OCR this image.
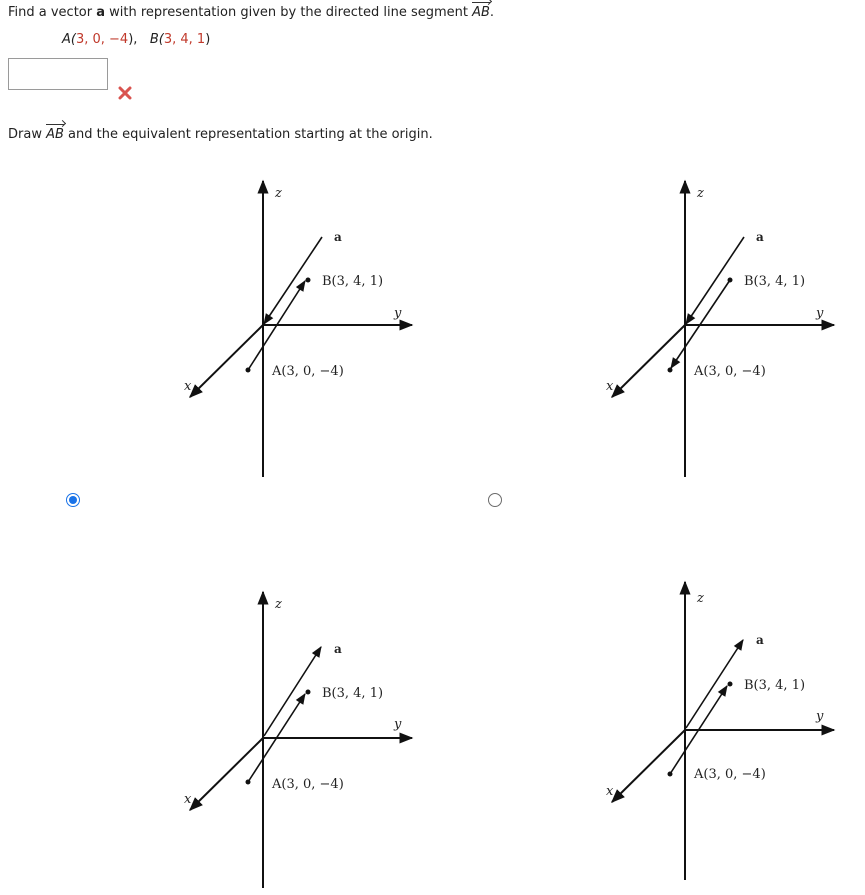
Find a vector a with representation given by the directed line segment AB.
A(3, 0, −4), B(3, 4, 1)
Draw AB and the equivalent representation starting at the origin.
z
y
x
a
B(3, 4, 1)
A(3, 0, −4)
z
y
x
a
B(3, 4, 1)
A(3, 0, −4)
z
y
x
a
B(3, 4, 1)
A(3, 0, −4)
z
y
x
a
B(3, 4, 1)
A(3, 0, −4)
